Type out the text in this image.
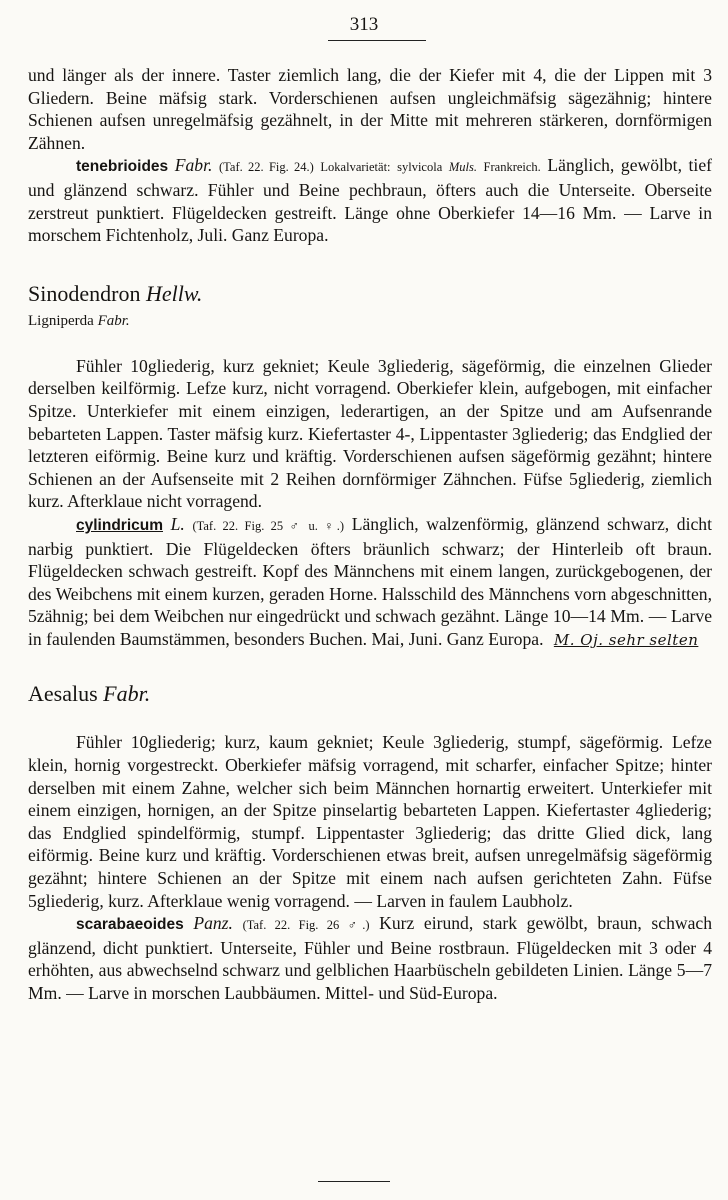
313

und länger als der innere. Taster ziemlich lang, die der Kiefer mit 4, die der Lippen mit 3 Gliedern. Beine mäfsig stark. Vorderschienen aufsen ungleichmäfsig sägezähnig; hintere Schienen aufsen unregelmäfsig gezähnelt, in der Mitte mit mehreren stärkeren, dornförmigen Zähnen.

tenebrioides Fabr. (Taf. 22. Fig. 24.) Lokalvarietät: sylvicola Muls. Frankreich. Länglich, gewölbt, tief und glänzend schwarz. Fühler und Beine pechbraun, öfters auch die Unterseite. Oberseite zerstreut punktiert. Flügeldecken gestreift. Länge ohne Oberkiefer 14—16 Mm. — Larve in morschem Fichtenholz, Juli. Ganz Europa.

Sinodendron Hellw.

Ligniperda Fabr.

Fühler 10gliederig, kurz gekniet; Keule 3gliederig, sägeförmig, die einzelnen Glieder derselben keilförmig. Lefze kurz, nicht vorragend. Oberkiefer klein, aufgebogen, mit einfacher Spitze. Unterkiefer mit einem einzigen, lederartigen, an der Spitze und am Aufsenrande bebarteten Lappen. Taster mäfsig kurz. Kiefertaster 4-, Lippentaster 3gliederig; das Endglied der letzteren eiförmig. Beine kurz und kräftig. Vorderschienen aufsen sägeförmig gezähnt; hintere Schienen an der Aufsenseite mit 2 Reihen dornförmiger Zähnchen. Füfse 5gliederig, ziemlich kurz. Afterklaue nicht vorragend.

cylindricum L. (Taf. 22. Fig. 25 ♂ u. ♀.) Länglich, walzenförmig, glänzend schwarz, dicht narbig punktiert. Die Flügeldecken öfters bräunlich schwarz; der Hinterleib oft braun. Flügeldecken schwach gestreift. Kopf des Männchens mit einem langen, zurückgebogenen, der des Weibchens mit einem kurzen, geraden Horne. Halsschild des Männchens vorn abgeschnitten, 5zähnig; bei dem Weibchen nur eingedrückt und schwach gezähnt. Länge 10—14 Mm. — Larve in faulenden Baumstämmen, besonders Buchen. Mai, Juni. Ganz Europa. M. Oj. sehr selten

Aesalus Fabr.

Fühler 10gliederig; kurz, kaum gekniet; Keule 3gliederig, stumpf, sägeförmig. Lefze klein, hornig vorgestreckt. Oberkiefer mäfsig vorragend, mit scharfer, einfacher Spitze; hinter derselben mit einem Zahne, welcher sich beim Männchen hornartig erweitert. Unterkiefer mit einem einzigen, hornigen, an der Spitze pinselartig bebarteten Lappen. Kiefertaster 4gliederig; das Endglied spindelförmig, stumpf. Lippentaster 3gliederig; das dritte Glied dick, lang eiförmig. Beine kurz und kräftig. Vorderschienen etwas breit, aufsen unregelmäfsig sägeförmig gezähnt; hintere Schienen an der Spitze mit einem nach aufsen gerichteten Zahn. Füfse 5gliederig, kurz. Afterklaue wenig vorragend. — Larven in faulem Laubholz.

scarabaeoides Panz. (Taf. 22. Fig. 26 ♂.) Kurz eirund, stark gewölbt, braun, schwach glänzend, dicht punktiert. Unterseite, Fühler und Beine rostbraun. Flügeldecken mit 3 oder 4 erhöhten, aus abwechselnd schwarz und gelblichen Haarbüscheln gebildeten Linien. Länge 5—7 Mm. — Larve in morschen Laubbäumen. Mittel- und Süd-Europa.
